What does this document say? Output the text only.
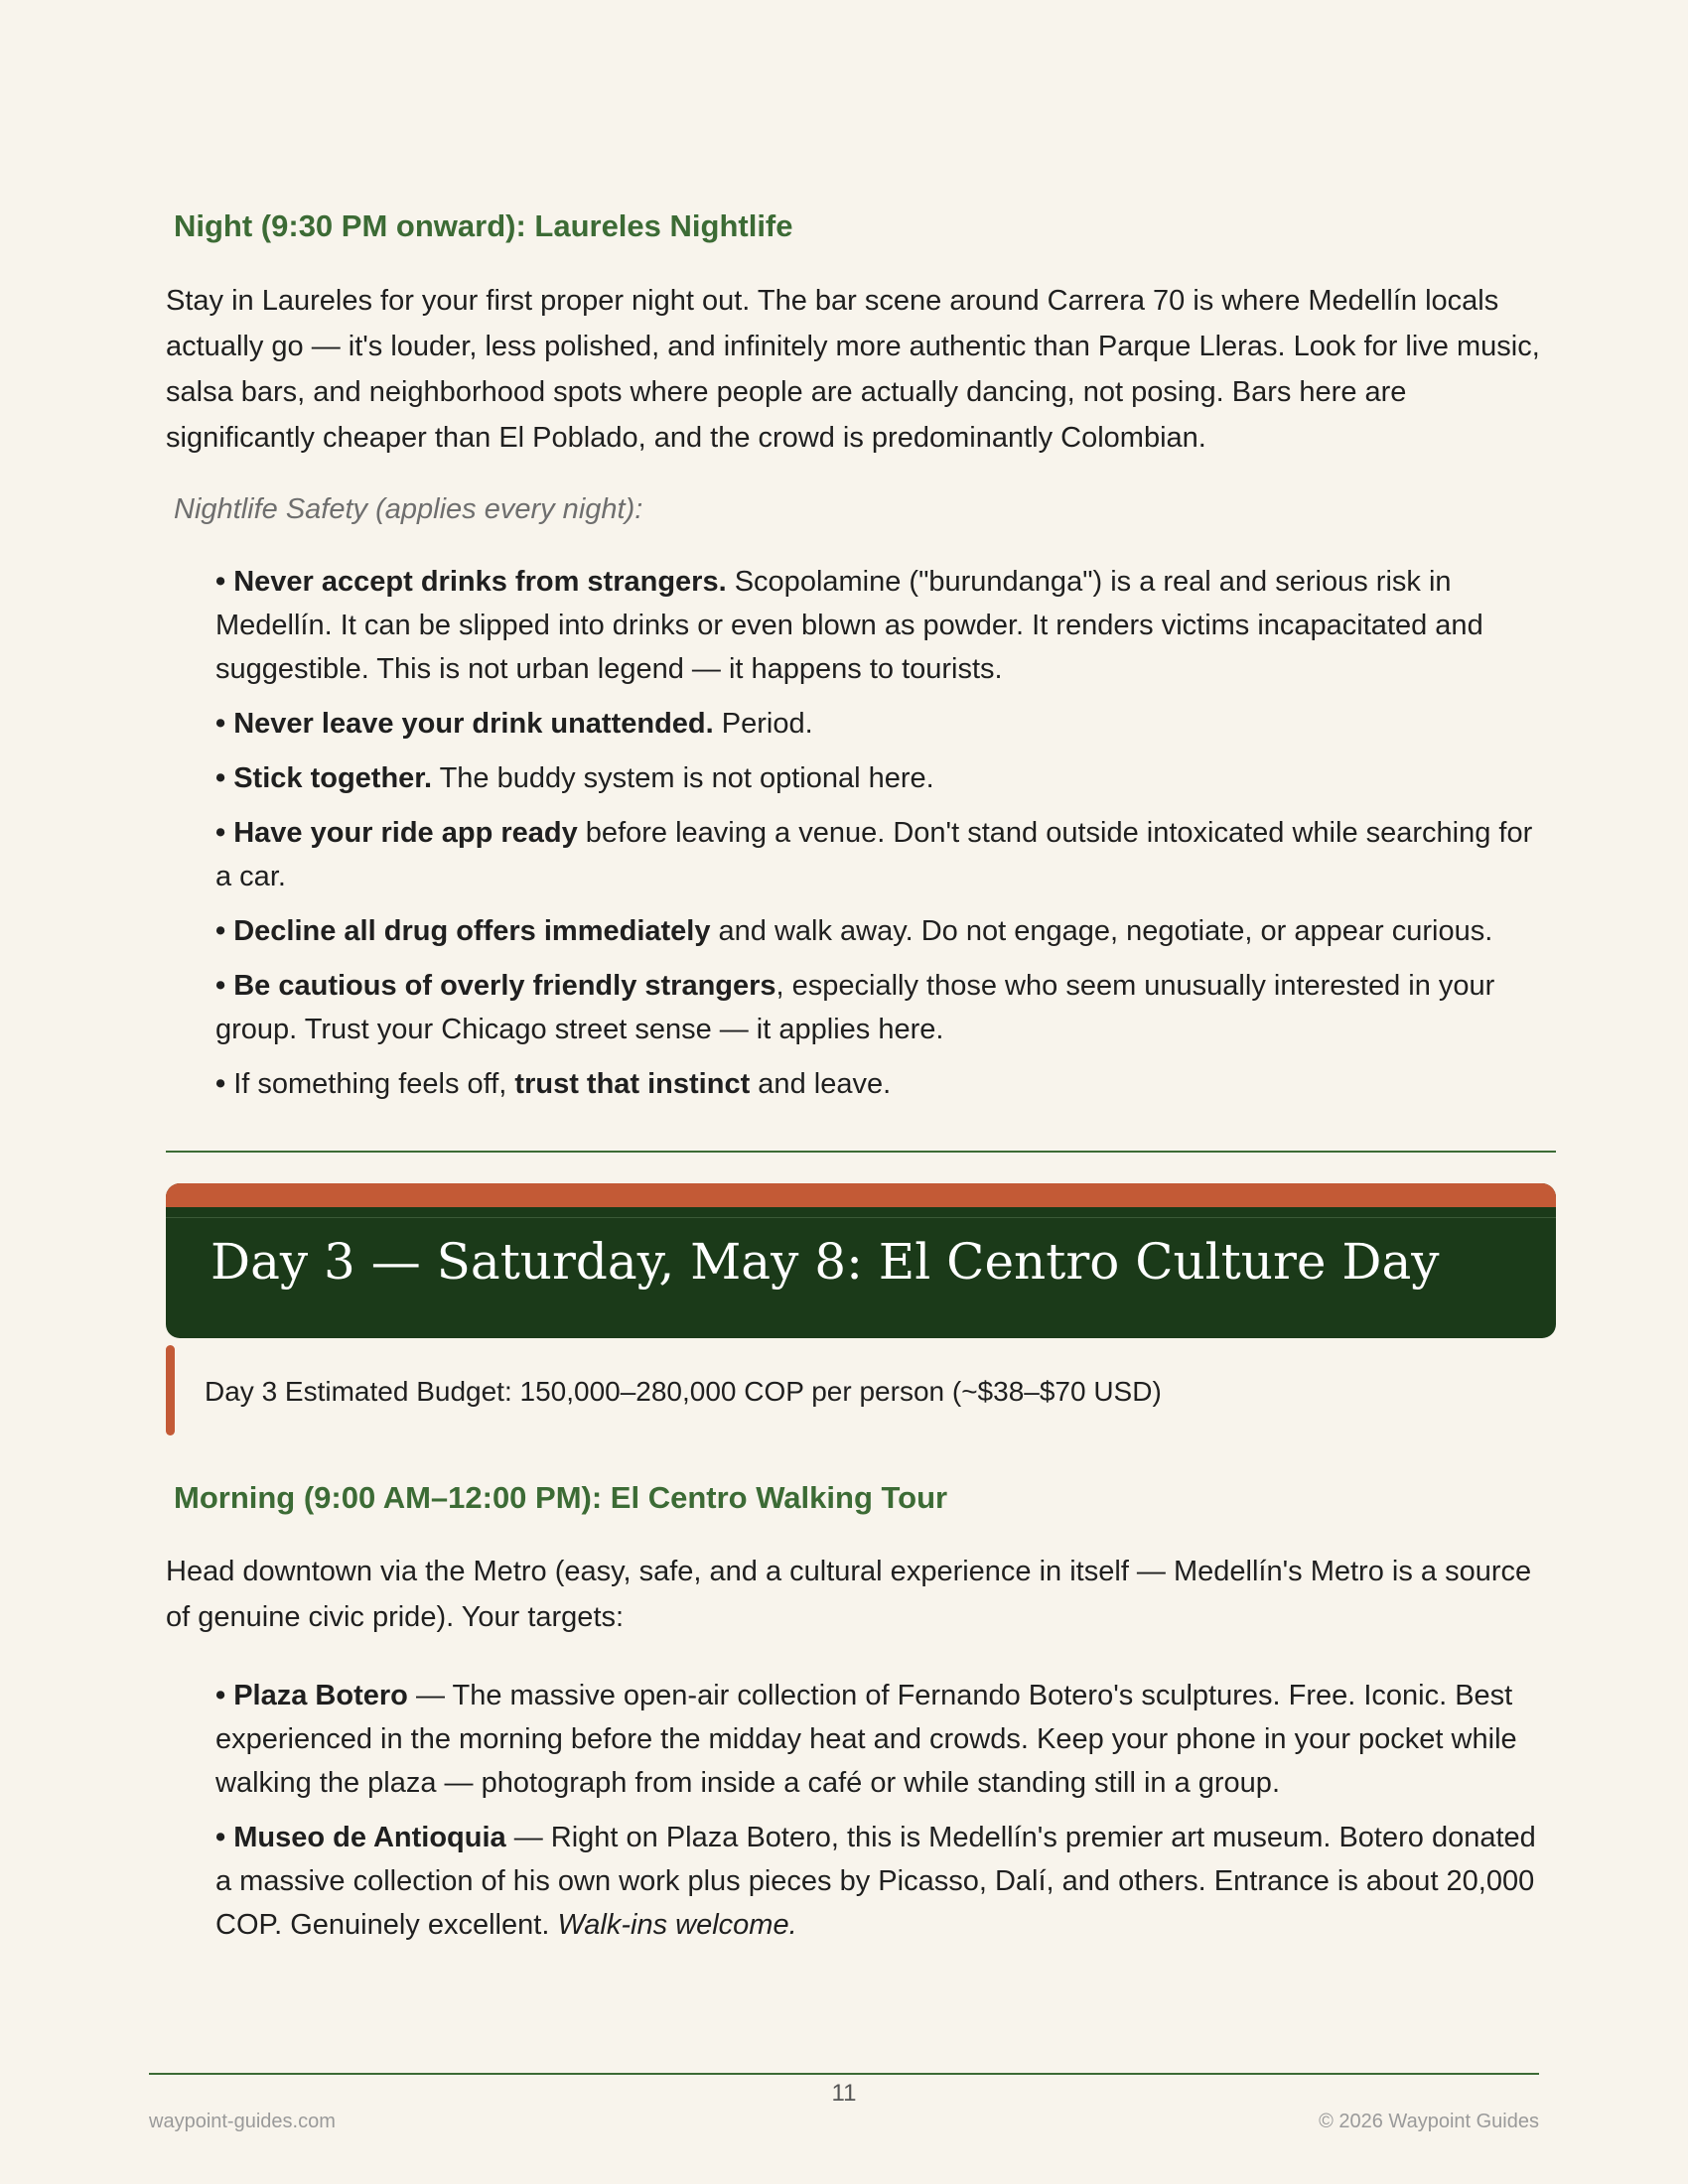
Night (9:30 PM onward): Laureles Nightlife

Stay in Laureles for your first proper night out. The bar scene around Carrera 70 is where Medellín locals actually go — it's louder, less polished, and infinitely more authentic than Parque Lleras. Look for live music, salsa bars, and neighborhood spots where people are actually dancing, not posing. Bars here are significantly cheaper than El Poblado, and the crowd is predominantly Colombian.

Nightlife Safety (applies every night):

• Never accept drinks from strangers. Scopolamine ("burundanga") is a real and serious risk in Medellín. It can be slipped into drinks or even blown as powder. It renders victims incapacitated and suggestible. This is not urban legend — it happens to tourists.
• Never leave your drink unattended. Period.
• Stick together. The buddy system is not optional here.
• Have your ride app ready before leaving a venue. Don't stand outside intoxicated while searching for a car.
• Decline all drug offers immediately and walk away. Do not engage, negotiate, or appear curious.
• Be cautious of overly friendly strangers, especially those who seem unusually interested in your group. Trust your Chicago street sense — it applies here.
• If something feels off, trust that instinct and leave.
Day 3 — Saturday, May 8: El Centro Culture Day

Day 3 Estimated Budget: 150,000–280,000 COP per person (~$38–$70 USD)

Morning (9:00 AM–12:00 PM): El Centro Walking Tour

Head downtown via the Metro (easy, safe, and a cultural experience in itself — Medellín's Metro is a source of genuine civic pride). Your targets:

• Plaza Botero — The massive open-air collection of Fernando Botero's sculptures. Free. Iconic. Best experienced in the morning before the midday heat and crowds. Keep your phone in your pocket while walking the plaza — photograph from inside a café or while standing still in a group.
• Museo de Antioquia — Right on Plaza Botero, this is Medellín's premier art museum. Botero donated a massive collection of his own work plus pieces by Picasso, Dalí, and others. Entrance is about 20,000 COP. Genuinely excellent. Walk-ins welcome.
11
waypoint-guides.com	© 2026 Waypoint Guides
